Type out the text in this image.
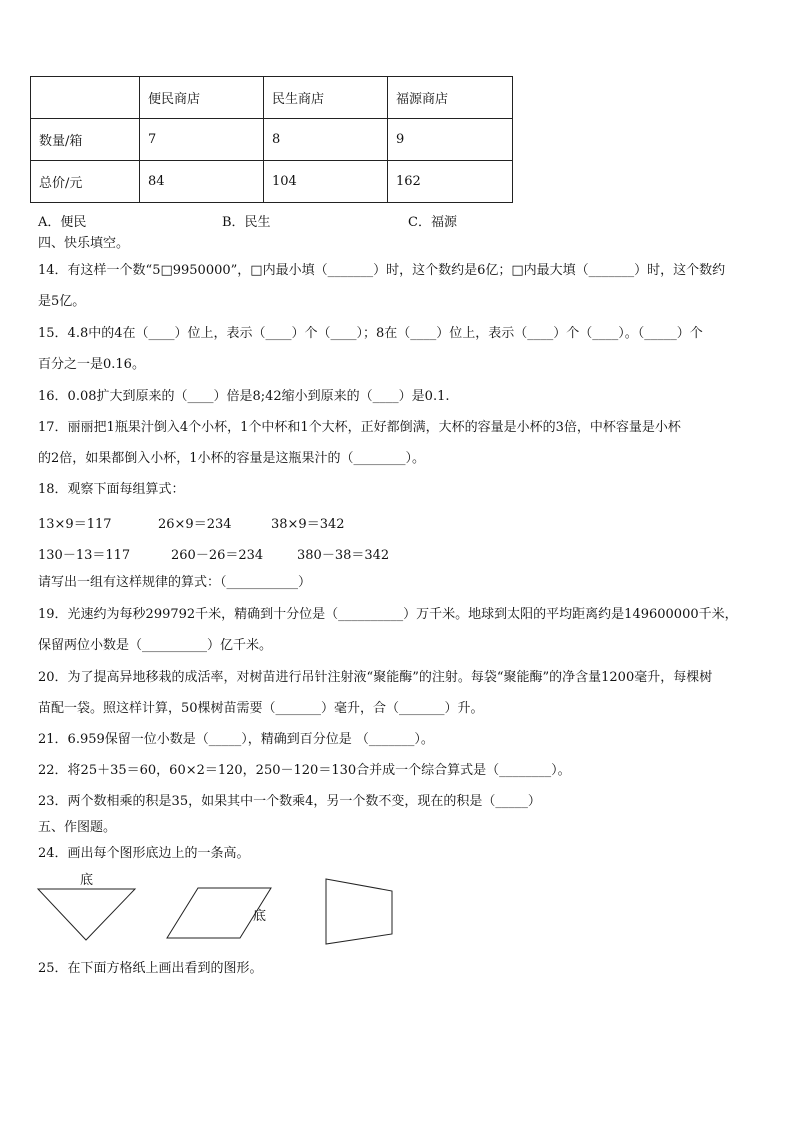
	便民商店	民生商店	福源商店
数量/箱	7	8	9
总价/元	84	104	162
A．便民	B．民生	C．福源
四、快乐填空。
14．有这样一个数“5□9950000”，□内最小填（_______）时，这个数约是6亿；□内最大填（_______）时，这个数约
是5亿。
15．4.8中的4在（____）位上，表示（____）个（____）；8在（____）位上，表示（____）个（____）。（_____）个
百分之一是0.16。
16．0.08扩大到原来的（____）倍是8;42缩小到原来的（____）是0.1.
17．丽丽把1瓶果汁倒入4个小杯，1个中杯和1个大杯，正好都倒满，大杯的容量是小杯的3倍，中杯容量是小杯
的2倍，如果都倒入小杯，1小杯的容量是这瓶果汁的（________）。
18．观察下面每组算式：
13×9＝117	26×9＝234	38×9＝342
130－13＝117	260－26＝234	380－38＝342
请写出一组有这样规律的算式：（___________）
19．光速约为每秒299792千米，精确到十分位是（__________）万千米。地球到太阳的平均距离约是149600000千米，
保留两位小数是（__________）亿千米。
20．为了提高异地移栽的成活率，对树苗进行吊针注射液“聚能酶”的注射。每袋“聚能酶”的净含量1200毫升，每棵树
苗配一袋。照这样计算，50棵树苗需要（_______）毫升，合（_______）升。
21．6.959保留一位小数是（_____），精确到百分位是 （_______）。
22．将25＋35＝60，60×2＝120，250－120＝130合并成一个综合算式是（________）。
23．两个数相乘的积是35，如果其中一个数乘4，另一个数不变，现在的积是（_____）
五、作图题。
24．画出每个图形底边上的一条高。
底
底
25．在下面方格纸上画出看到的图形。
